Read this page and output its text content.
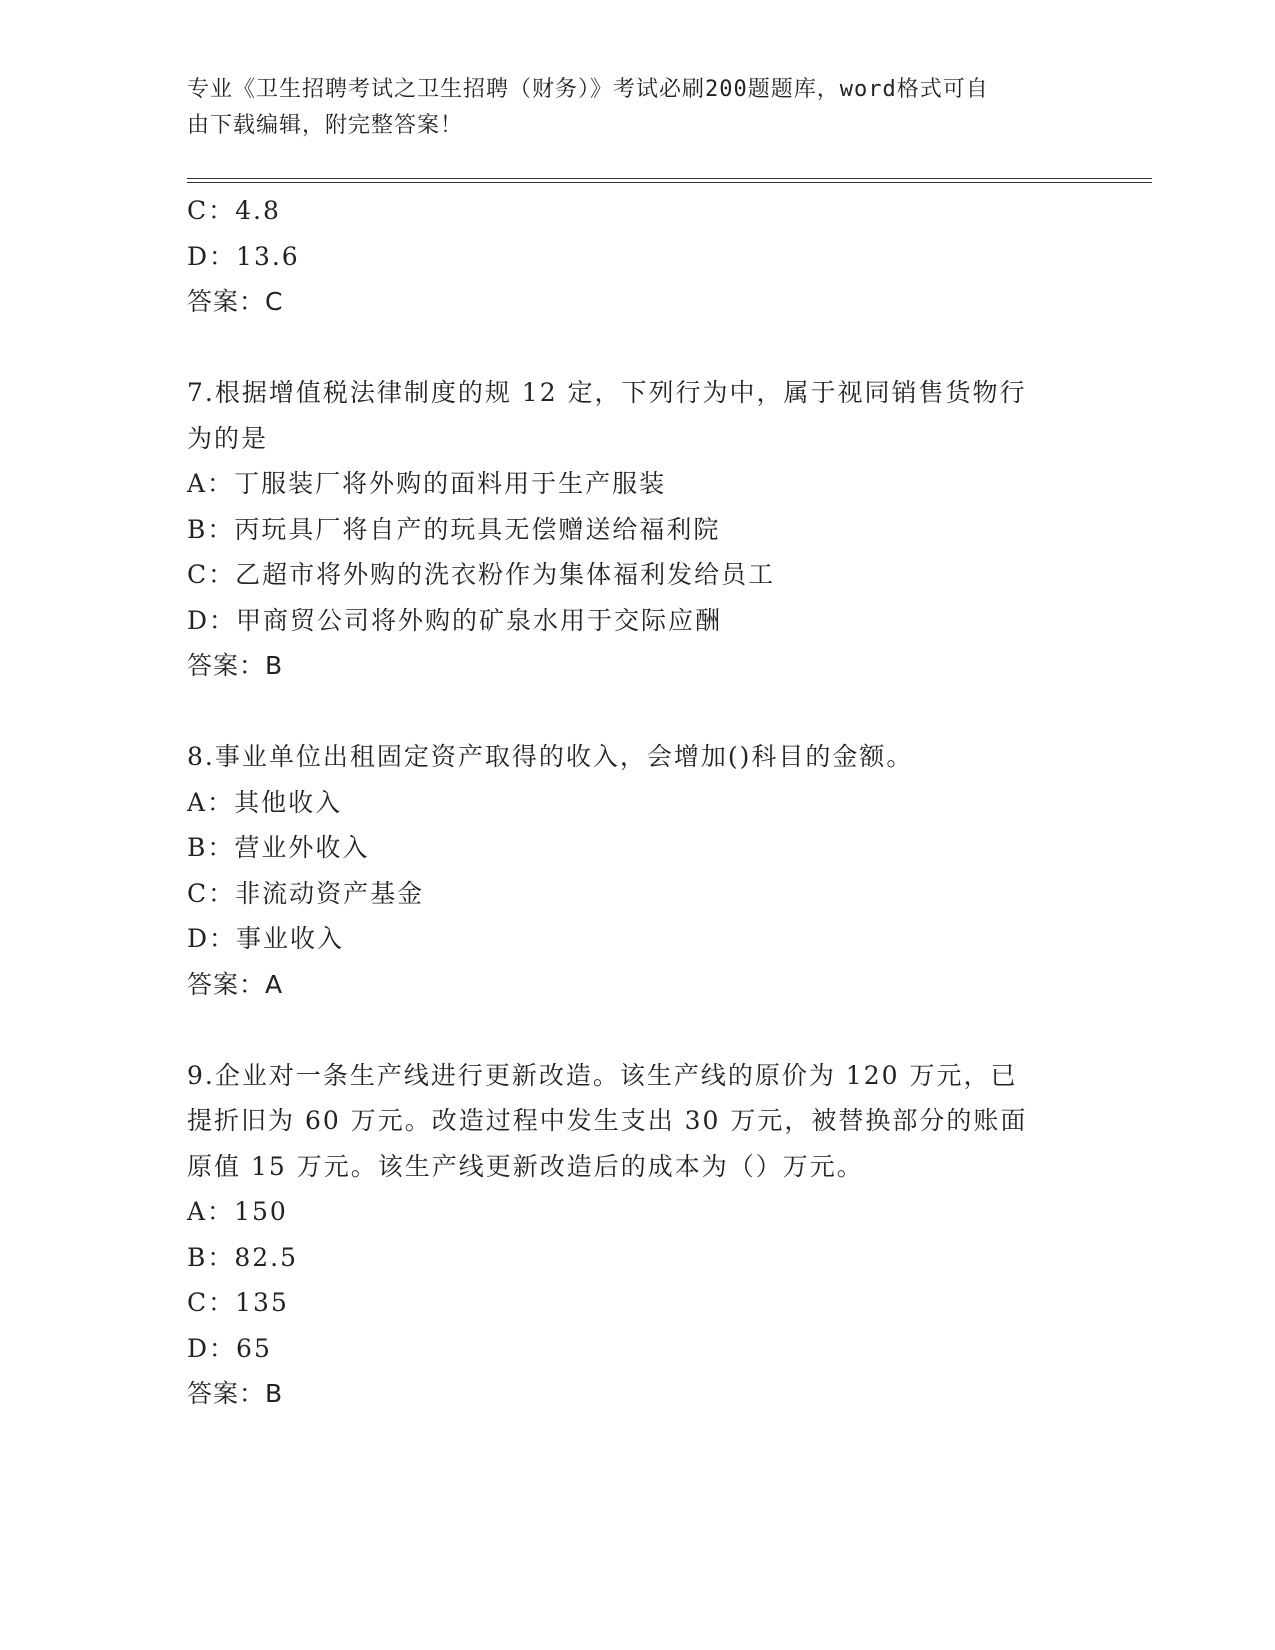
专业《卫生招聘考试之卫生招聘（财务）》考试必刷200题题库，word格式可自
由下载编辑，附完整答案！
C：4.8
D：13.6
答案：C
7.根据增值税法律制度的规 12 定，下列行为中，属于视同销售货物行
为的是
A：丁服装厂将外购的面料用于生产服装
B：丙玩具厂将自产的玩具无偿赠送给福利院
C：乙超市将外购的洗衣粉作为集体福利发给员工
D：甲商贸公司将外购的矿泉水用于交际应酬
答案：B
8.事业单位出租固定资产取得的收入，会增加()科目的金额。
A：其他收入
B：营业外收入
C：非流动资产基金
D：事业收入
答案：A
9.企业对一条生产线进行更新改造。该生产线的原价为 120 万元，已
提折旧为 60 万元。改造过程中发生支出 30 万元，被替换部分的账面
原值 15 万元。该生产线更新改造后的成本为（）万元。
A：150
B：82.5
C：135
D：65
答案：B
